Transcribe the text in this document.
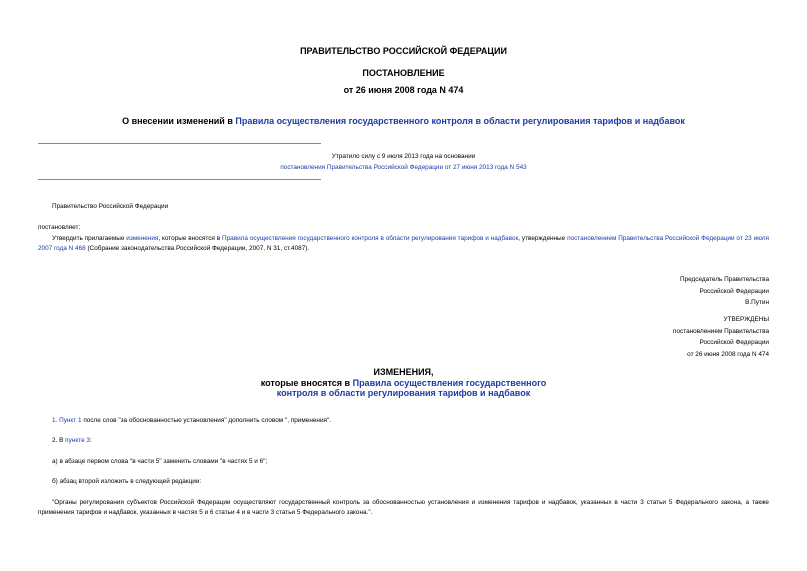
ПРАВИТЕЛЬСТВО РОССИЙСКОЙ ФЕДЕРАЦИИ
ПОСТАНОВЛЕНИЕ
от 26 июня 2008 года N 474
О внесении изменений в Правила осуществления государственного контроля в области регулирования тарифов и надбавок
Утратило силу с 9 июля 2013 года на основании
постановления Правительства Российской Федерации от 27 июня 2013 года N 543
Правительство Российской Федерации
постановляет:
Утвердить прилагаемые изменения, которые вносятся в Правила осуществления государственного контроля в области регулирования тарифов и надбавок, утвержденные постановлением Правительства Российской Федерации от 23 июля 2007 года N 468 (Собрание законодательства Российской Федерации, 2007, N 31, ст.4087).
Председатель Правительства
Российской Федерации
В.Путин
УТВЕРЖДЕНЫ
постановлением Правительства
Российской Федерации
от 26 июня 2008 года N 474
ИЗМЕНЕНИЯ,
которые вносятся в Правила осуществления государственного
контроля в области регулирования тарифов и надбавок
1. Пункт 1 после слов "за обоснованностью установления" дополнить словом ", применения".
2. В пункте 3:
а) в абзаце первом слова "в части 5" заменить словами "в частях 5 и 6";
б) абзац второй изложить в следующей редакции:
"Органы регулирования субъектов Российской Федерации осуществляют государственный контроль за обоснованностью установления и изменения тарифов и надбавок, указанных в части 3 статьи 5 Федерального закона, а также применения тарифов и надбавок, указанных в частях 5 и 6 статьи 4 и в части 3 статьи 5 Федерального закона.".
